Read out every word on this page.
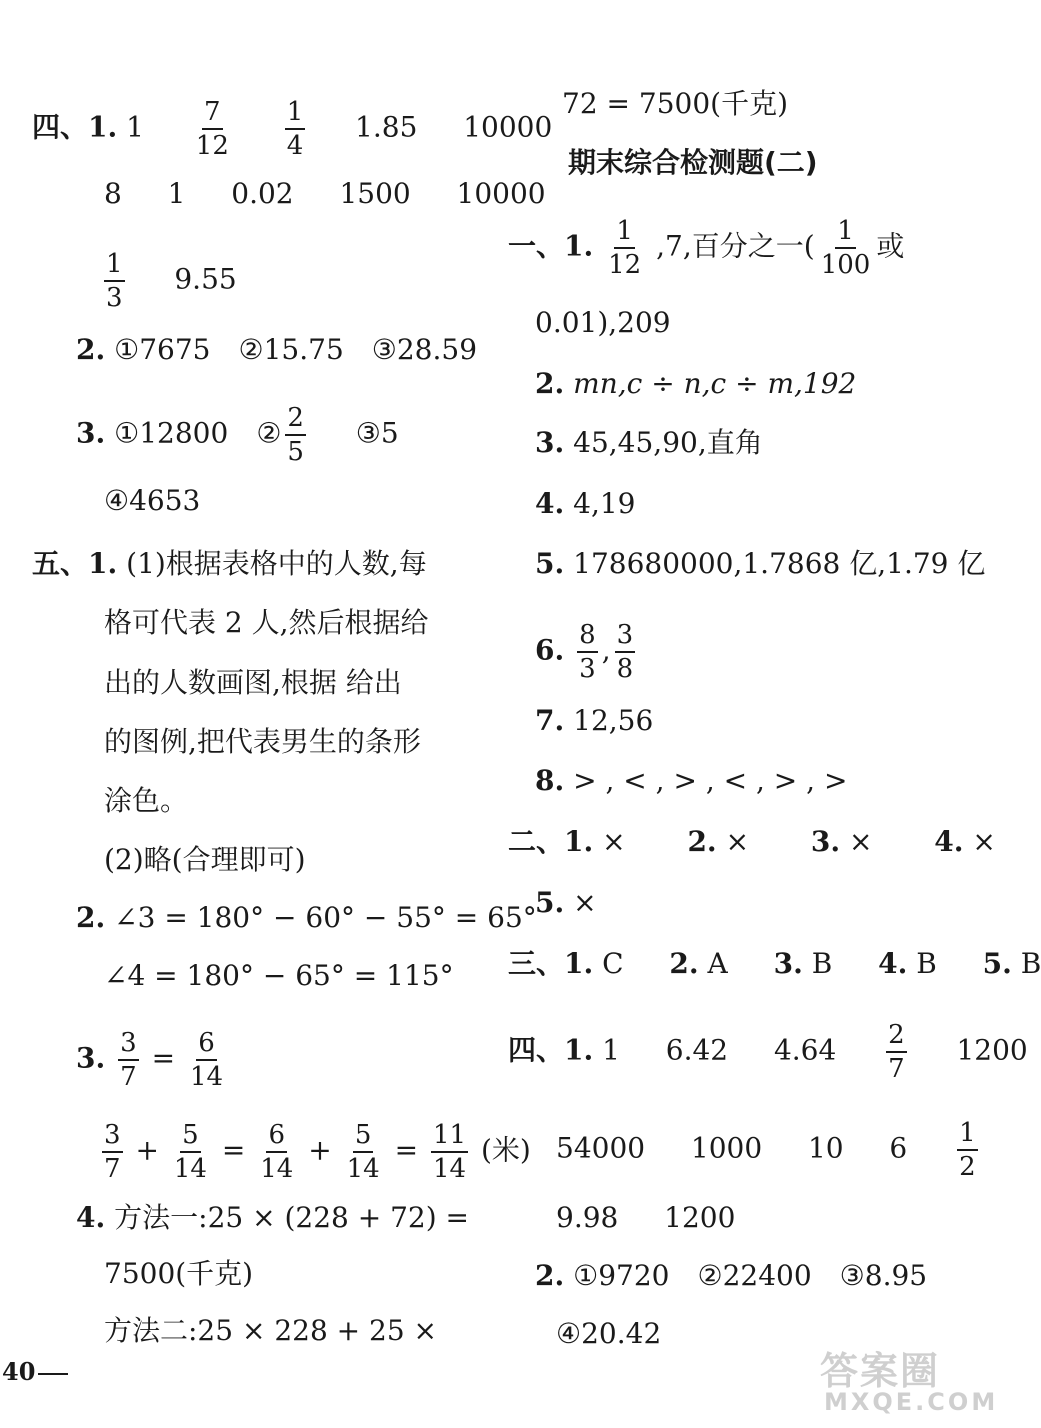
四、1. $1 \frac{7}{12}$
$\frac{1}{4} 1.85$ 10000
8 1 0.02 1500 10000
$\frac{1}{3} 9.55$
2. ①7675　②15.75　③28.59
3. ①12800　② $\frac{2}{5}$ ③5
④4653
五、1. (1)根据表格中的人数,每
格可代表 2 人,然后根据给
出的人数画图,根据 给出
的图例,把代表男生的条形
涂色。
(2)略(合理即可)
2. ∠3 = 180° − 60° − 55° = 65°
∠4 = 180° − 65° = 115°
3. $\frac{3}{7} = \frac{6}{14}$
$\frac{3}{7} + \frac{5}{14} = \frac{6}{14} + \frac{5}{14} = \frac{11}{14}$ (米)
4. 方法一:25 × (228 + 72) =
7500(千克)
方法二:25 × 228 + 25 ×
40
72 = 7500(千克)
期末综合检测题(二)
一、1. $\frac{1}{12} ,7$,百分之一( $\frac{1}{100}$ 或
0.01),209
2. mn,c ÷ n,c ÷ m,192
3. 45,45,90,直角
4. 4,19
5. 178680000,1.7868 亿,1.79 亿
6. $\frac{8}{3}$ , $\frac{3}{8}$
7. 12,56
8. > , < , > , < , > , >
二、1. × 2. × 3. × 4. ×
5. ×
三、1. C 2. A 3. B 4. B 5. B
四、1. 1 6.42 $4.64 \frac{2}{7} 1200$
54000 1000 10 $6 \frac{1}{2}$
9.98 1200
2. ①9720　②22400　③8.95
④20.42
答案圈
MXQE.COM
